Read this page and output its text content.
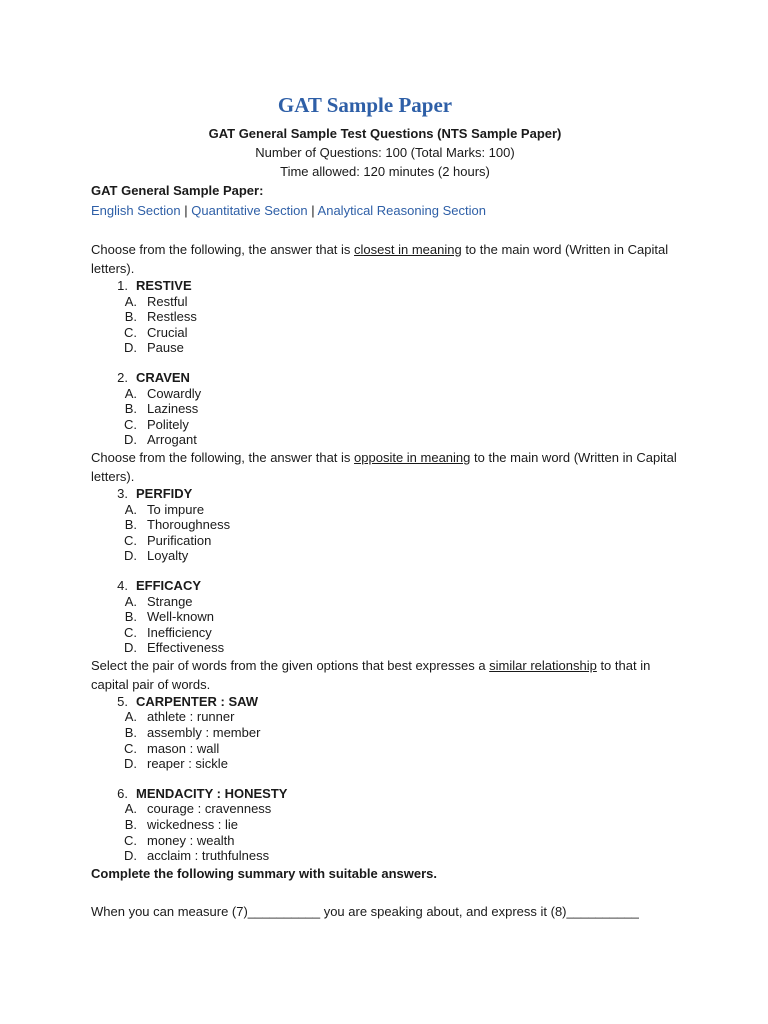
GAT Sample Paper

GAT General Sample Test Questions (NTS Sample Paper)

Number of Questions: 100 (Total Marks: 100)

Time allowed: 120 minutes (2 hours)

GAT General Sample Paper:

English Section | Quantitative Section | Analytical Reasoning Section

Choose from the following, the answer that is closest in meaning to the main word (Written in Capital letters).

1. RESTIVE
A. Restful
B. Restless
C. Crucial
D. Pause
2. CRAVEN
A. Cowardly
B. Laziness
C. Politely
D. Arrogant

Choose from the following, the answer that is opposite in meaning to the main word (Written in Capital letters).

3. PERFIDY
A. To impure
B. Thoroughness
C. Purification
D. Loyalty
4. EFFICACY
A. Strange
B. Well-known
C. Inefficiency
D. Effectiveness

Select the pair of words from the given options that best expresses a similar relationship to that in capital pair of words.

5. CARPENTER : SAW
A. athlete : runner
B. assembly : member
C. mason : wall
D. reaper : sickle
6. MENDACITY : HONESTY
A. courage : cravenness
B. wickedness : lie
C. money : wealth
D. acclaim : truthfulness

Complete the following summary with suitable answers.

When you can measure (7)__________ you are speaking about, and express it (8)__________
